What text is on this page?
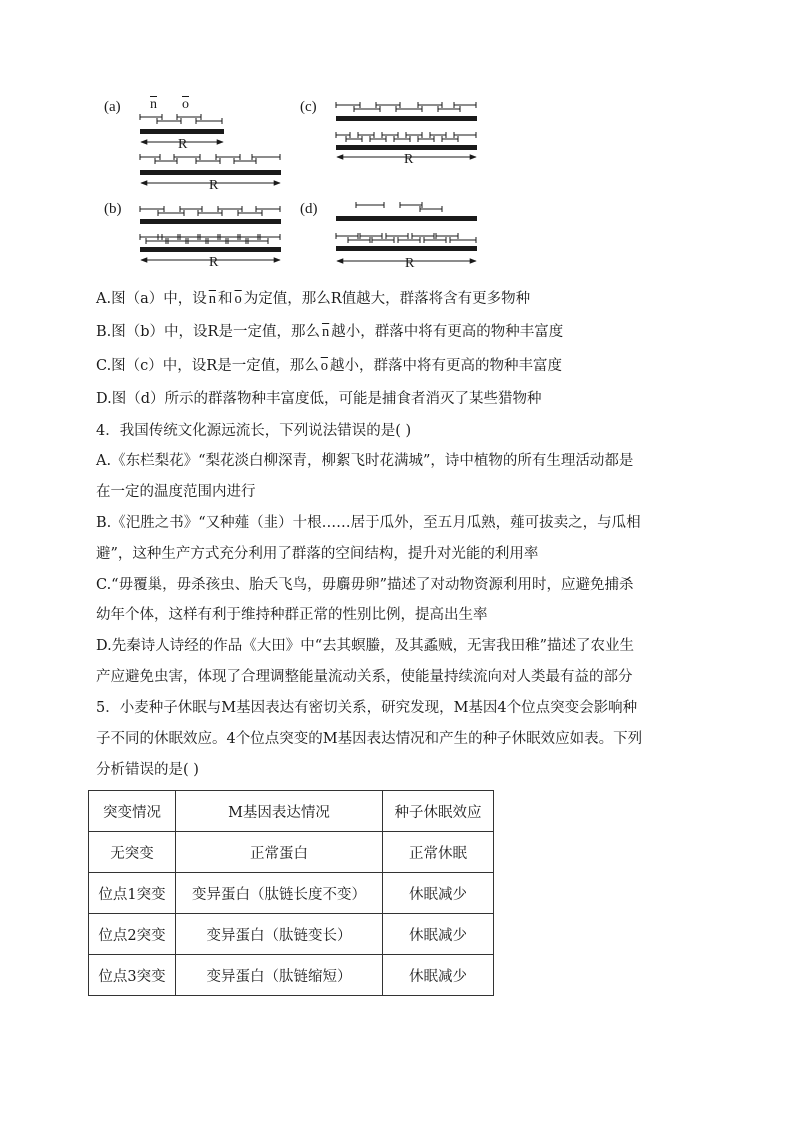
(a)	(c)
(b)	(d)
$\overline{n}$ $\overline{o}$
R
R
R
R	R
A.图（a）中，设 $\overline{n}$ 和 $\overline{o}$ 为定值，那么R值越大，群落将含有更多物种
B.图（b）中，设R是一定值，那么 $\overline{n}$ 越小，群落中将有更高的物种丰富度
C.图（c）中，设R是一定值，那么 $\overline{o}$ 越小，群落中将有更高的物种丰富度
D.图（d）所示的群落物种丰富度低，可能是捕食者消灭了某些猎物种
4．我国传统文化源远流长，下列说法错误的是( )
A.《东栏梨花》“梨花淡白柳深青，柳絮飞时花满城”，诗中植物的所有生理活动都是
在一定的温度范围内进行
B.《汜胜之书》“又种薤（韭）十根……居于瓜外，至五月瓜熟，薤可拔卖之，与瓜相
避”，这种生产方式充分利用了群落的空间结构，提升对光能的利用率
C.“毋覆巢，毋杀孩虫、胎夭飞鸟，毋麛毋卵”描述了对动物资源利用时，应避免捕杀
幼年个体，这样有利于维持种群正常的性别比例，提高出生率
D.先秦诗人诗经的作品《大田》中“去其螟螣，及其蟊贼，无害我田稚”描述了农业生
产应避免虫害，体现了合理调整能量流动关系，使能量持续流向对人类最有益的部分
5．小麦种子休眠与M基因表达有密切关系，研究发现，M基因4个位点突变会影响种
子不同的休眠效应。4个位点突变的M基因表达情况和产生的种子休眠效应如表。下列
分析错误的是( )
突变情况	M基因表达情况	种子休眠效应
无突变	正常蛋白	正常休眠
位点1突变	变异蛋白（肽链长度不变）	休眠减少
位点2突变	变异蛋白（肽链变长）	休眠减少
位点3突变	变异蛋白（肽链缩短）	休眠减少
